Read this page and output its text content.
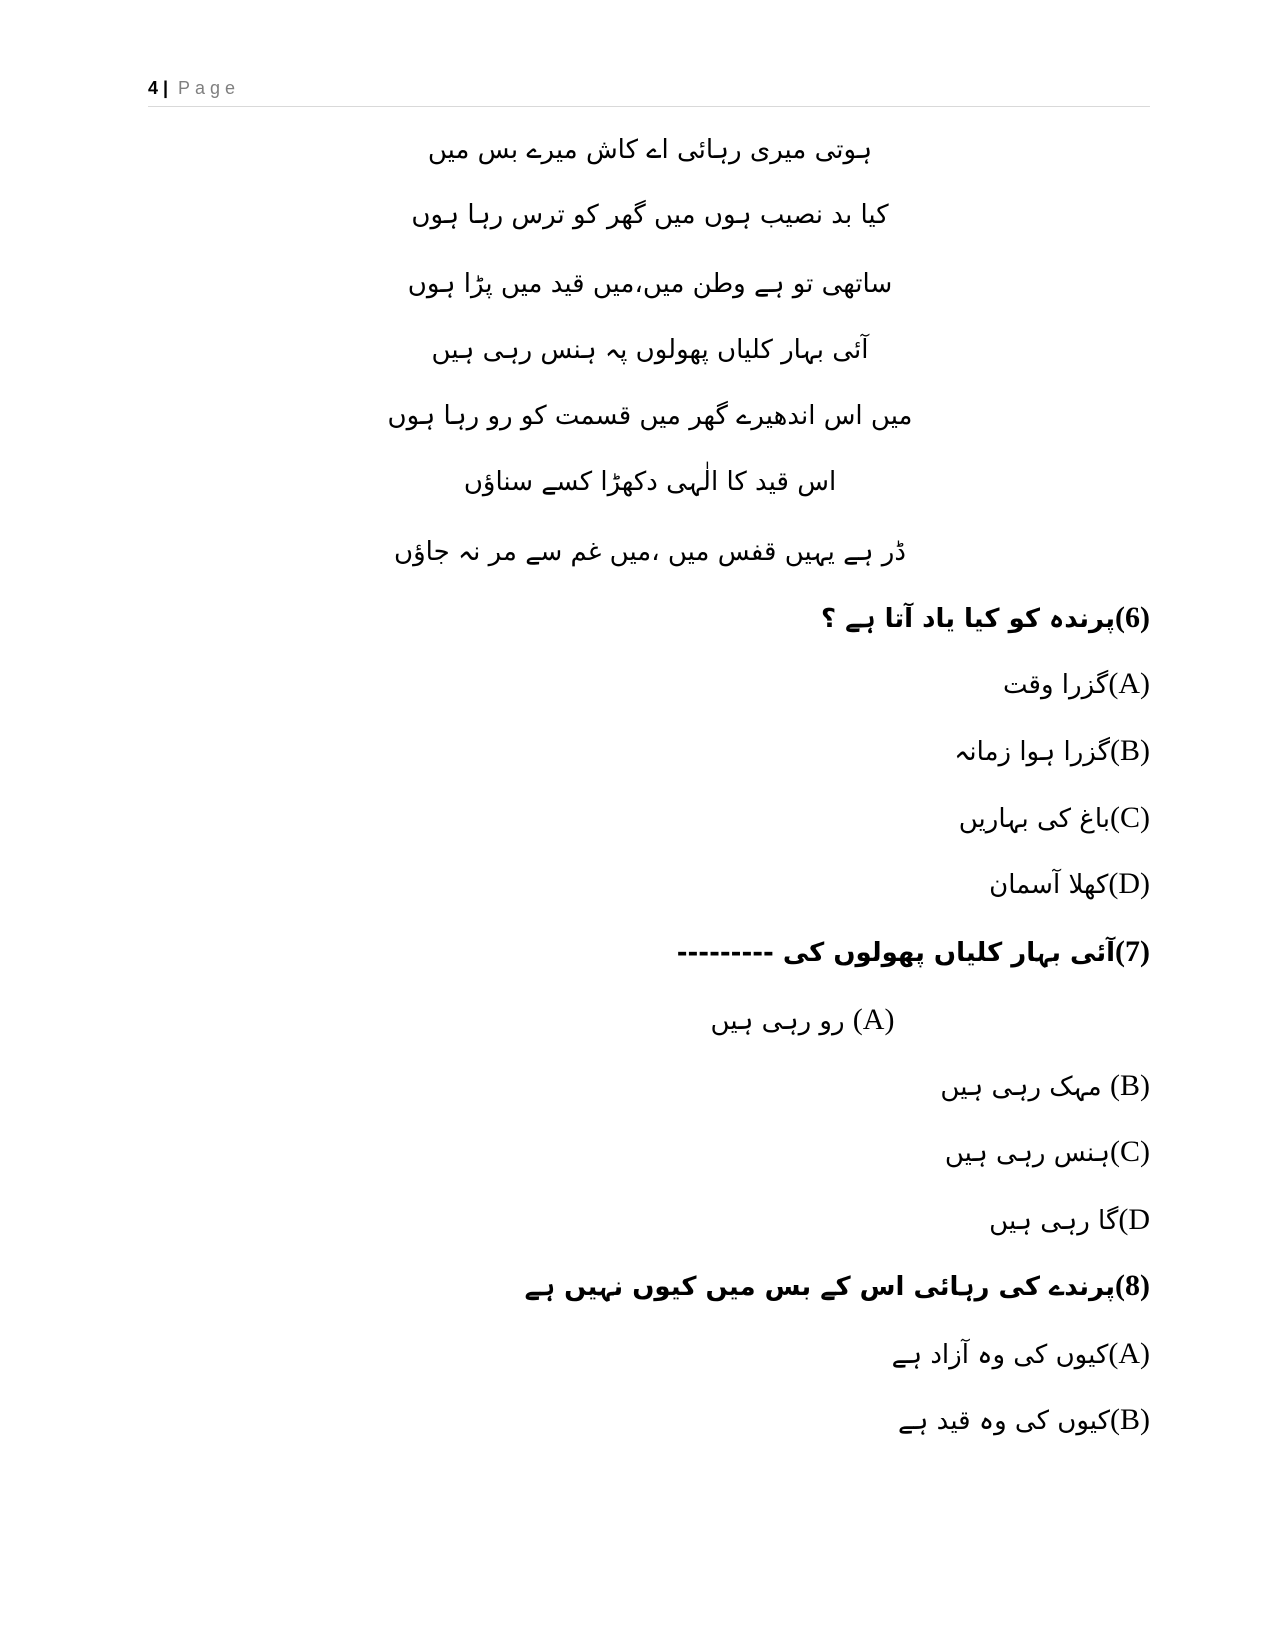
4 | Page
ہوتی میری رہائی اے کاش میرے بس میں
کیا بد نصیب ہوں میں گھر کو ترس رہا ہوں
ساتھی تو ہے وطن میں،میں قید میں پڑا ہوں
آئی بہار کلیاں پھولوں پہ ہنس رہی ہیں
میں اس اندھیرے گھر میں قسمت کو رو رہا ہوں
اس قید کا الٰہی دکھڑا کسے سناؤں
ڈر ہے یہیں قفس میں ،میں غم سے مر نہ جاؤں
(6)پرندہ کو کیا یاد آتا ہے ؟
(A)گزرا وقت
(B)گزرا ہوا زمانہ
(C)باغ کی بہاریں
(D)کھلا آسمان
(7)آئی بہار کلیاں پھولوں کی ---------
(A) رو رہی ہیں
(B) مہک رہی ہیں
(C)ہنس رہی ہیں
D)گا رہی ہیں
(8)پرندے کی رہائی اس کے بس میں کیوں نہیں ہے
(A)کیوں کی وہ آزاد ہے
(B)کیوں کی وہ قید ہے
